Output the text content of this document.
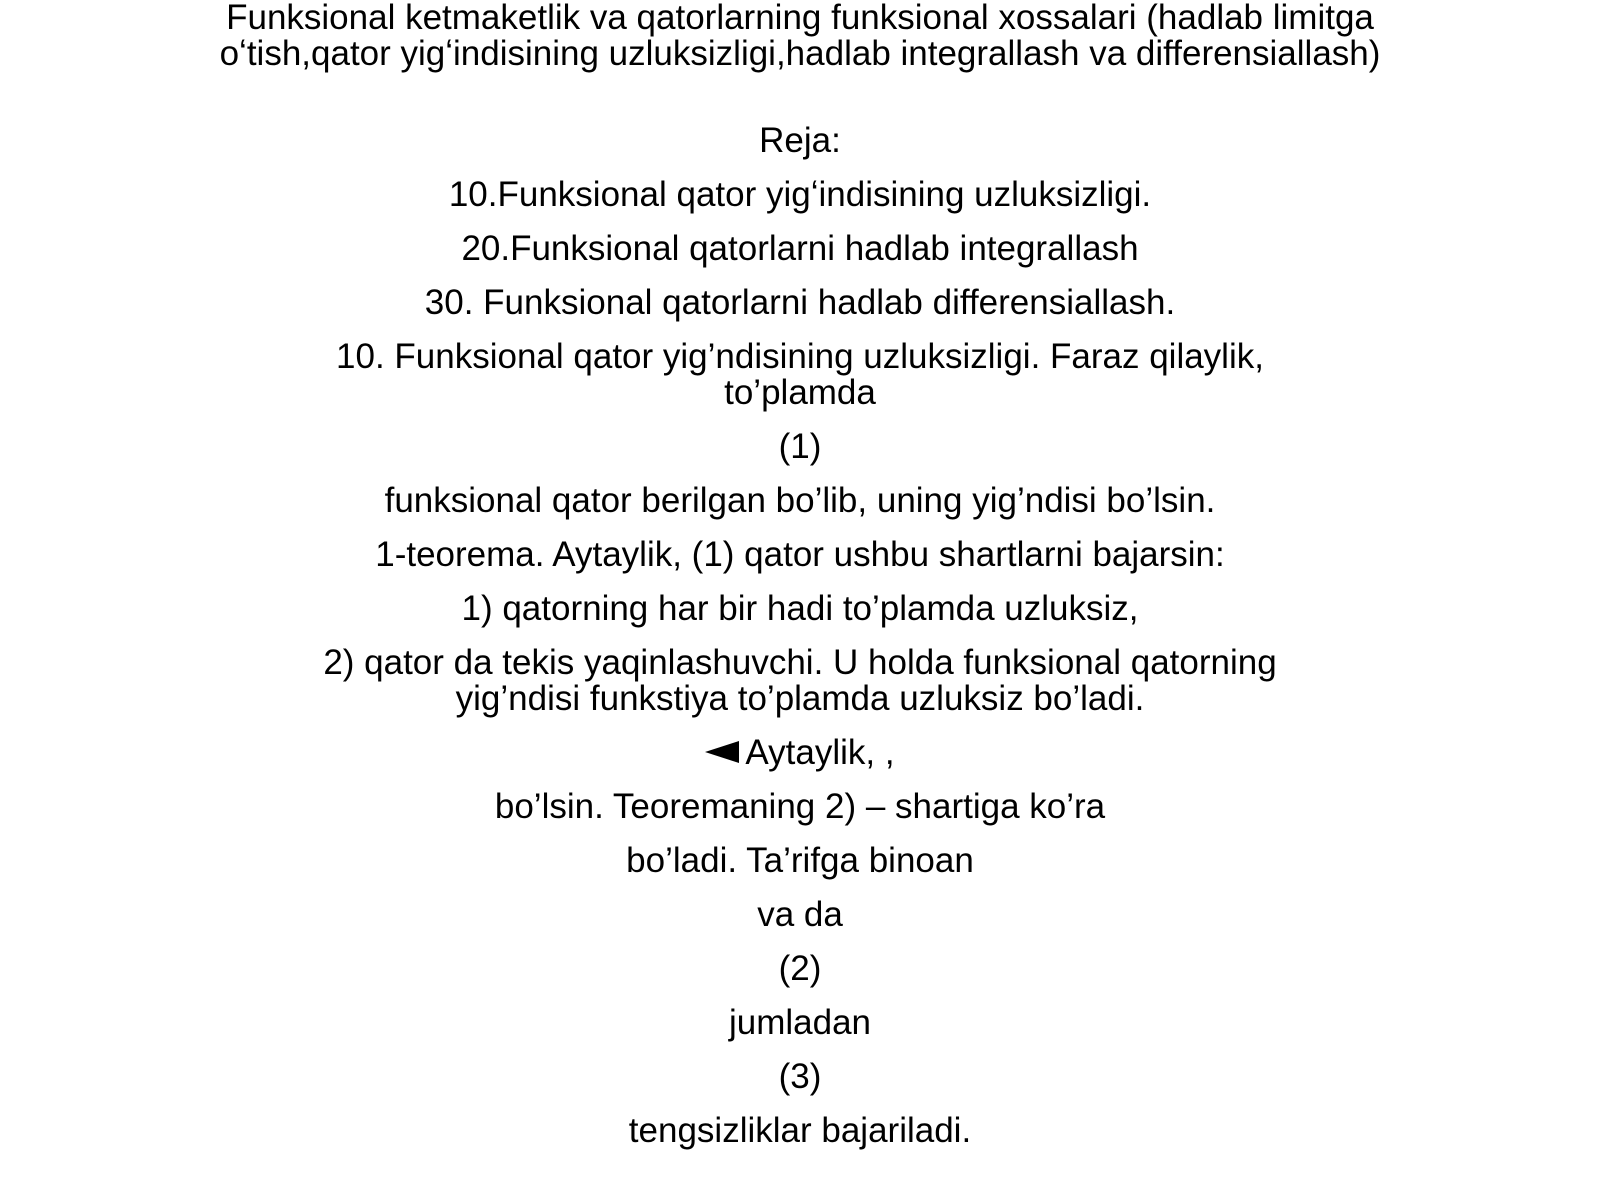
Funksional ketmaketlik va qatorlarning funksional xossalari (hadlab limitga oʻtish,qator yigʻindisining uzluksizligi,hadlab integrallash va differensiallash)

Reja:

10.Funksional qator yigʻindisining uzluksizligi.

20.Funksional qatorlarni hadlab integrallash

30. Funksional qatorlarni hadlab differensiallash.

10. Funksional qator yig’ndisining uzluksizligi. Faraz qilaylik, to’plamda

(1)

funksional qator berilgan bo’lib, uning yig’ndisi bo’lsin.

1-teorema. Aytaylik, (1) qator ushbu shartlarni bajarsin:

1) qatorning har bir hadi to’plamda uzluksiz,

2) qator da tekis yaqinlashuvchi. U holda funksional qatorning yig’ndisi funkstiya to’plamda uzluksiz bo’ladi.

Aytaylik, ,

bo’lsin. Teoremaning 2) – shartiga ko’ra

bo’ladi. Ta’rifga binoan

va da

(2)

jumladan

(3)

tengsizliklar bajariladi.
